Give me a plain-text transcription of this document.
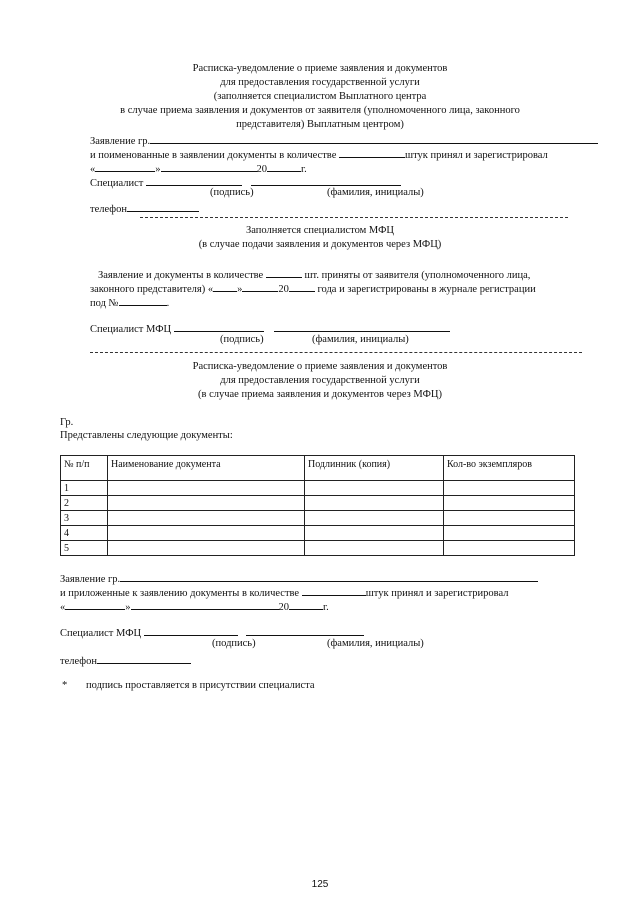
Расписка-уведомление о приеме заявления и документов
для предоставления государственной услуги
(заполняется специалистом Выплатного центра
в случае приема заявления и документов от заявителя (уполномоченного лица, законного
представителя) Выплатным центром)
Заявление гр.
и поименованные в заявлении документы в количестве	штук принял и зарегистрировал
«	»	20	г.
Специалист
(подпись)	(фамилия, инициалы)
телефон
Заполняется специалистом МФЦ
(в случае подачи заявления и документов через МФЦ)
Заявление и документы в количестве	шт. приняты от заявителя (уполномоченного лица,
законного представителя) « »	20	года и зарегистрированы в журнале регистрации
под №	.
Специалист МФЦ
(подпись)	(фамилия, инициалы)
Расписка-уведомление о приеме заявления и документов
для предоставления государственной услуги
(в случае приема заявления и документов через МФЦ)
Гр.
Представлены следующие документы:
№ п/п	Наименование документа	Подлинник (копия)	Кол-во экземпляров
1			
2			
3			
4			
5			
Заявление гр.
и приложенные к заявлению документы в количестве	штук принял и зарегистрировал
«	»	20	г.
Специалист МФЦ
(подпись)	(фамилия, инициалы)
телефон
* подпись проставляется в присутствии специалиста
125
